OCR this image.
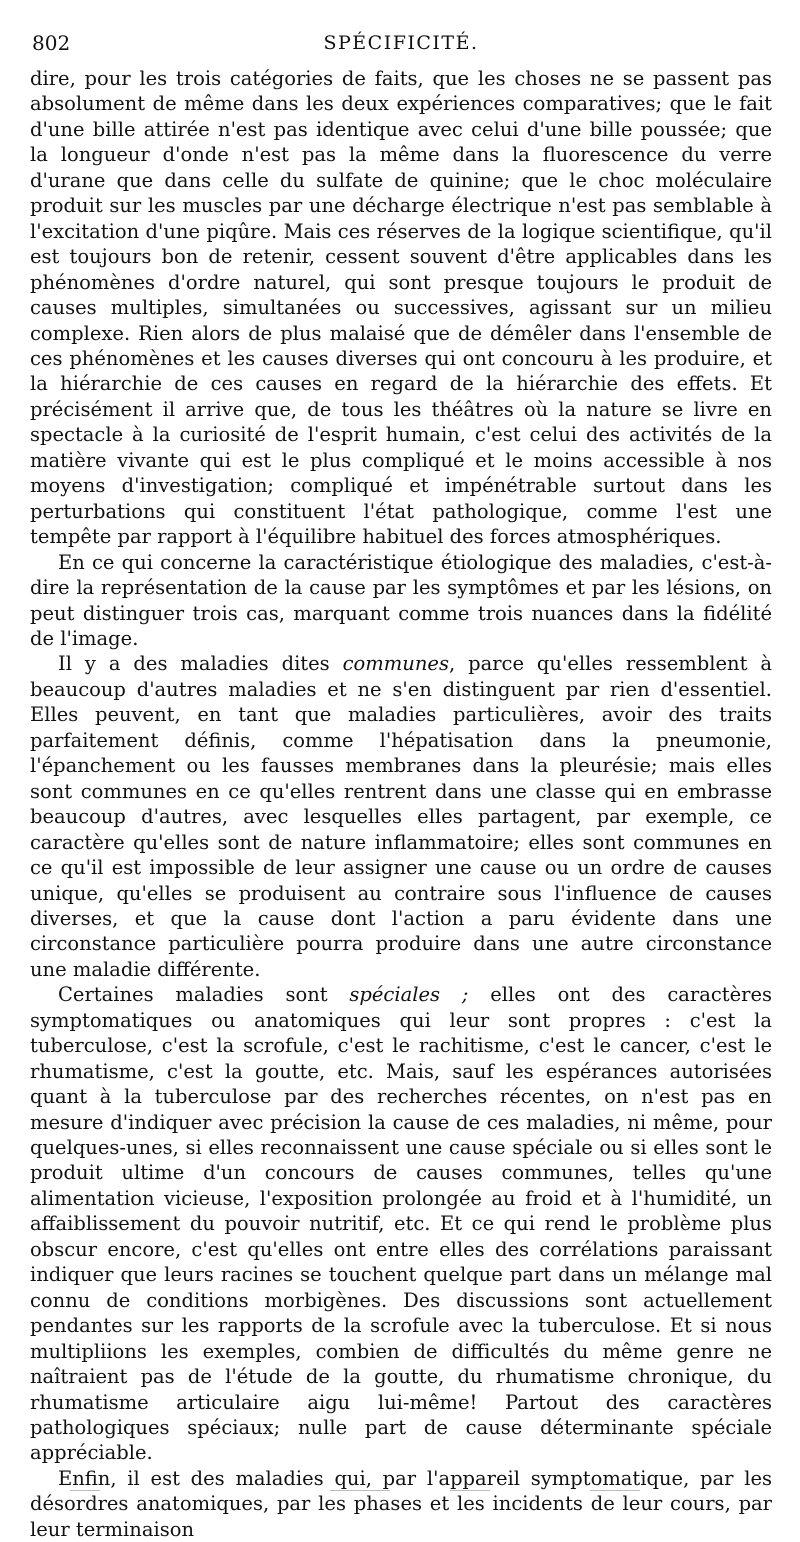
802	SPÉCIFICITÉ.

dire, pour les trois catégories de faits, que les choses ne se passent pas absolument de même dans les deux expériences comparatives; que le fait d'une bille attirée n'est pas identique avec celui d'une bille poussée; que la longueur d'onde n'est pas la même dans la fluorescence du verre d'urane que dans celle du sulfate de quinine; que le choc moléculaire produit sur les muscles par une décharge électrique n'est pas semblable à l'excitation d'une piqûre. Mais ces réserves de la logique scientifique, qu'il est toujours bon de retenir, cessent souvent d'être applicables dans les phénomènes d'ordre naturel, qui sont presque toujours le produit de causes multiples, simultanées ou successives, agissant sur un milieu complexe. Rien alors de plus malaisé que de démêler dans l'ensemble de ces phénomènes et les causes diverses qui ont concouru à les produire, et la hiérarchie de ces causes en regard de la hiérarchie des effets. Et précisément il arrive que, de tous les théâtres où la nature se livre en spectacle à la curiosité de l'esprit humain, c'est celui des activités de la matière vivante qui est le plus compliqué et le moins accessible à nos moyens d'investigation; compliqué et impénétrable surtout dans les perturbations qui constituent l'état pathologique, comme l'est une tempête par rapport à l'équilibre habituel des forces atmosphériques.

En ce qui concerne la caractéristique étiologique des maladies, c'est-à-dire la représentation de la cause par les symptômes et par les lésions, on peut distinguer trois cas, marquant comme trois nuances dans la fidélité de l'image.

Il y a des maladies dites communes, parce qu'elles ressemblent à beaucoup d'autres maladies et ne s'en distinguent par rien d'essentiel. Elles peuvent, en tant que maladies particulières, avoir des traits parfaitement définis, comme l'hépatisation dans la pneumonie, l'épanchement ou les fausses membranes dans la pleurésie; mais elles sont communes en ce qu'elles rentrent dans une classe qui en embrasse beaucoup d'autres, avec lesquelles elles partagent, par exemple, ce caractère qu'elles sont de nature inflammatoire; elles sont communes en ce qu'il est impossible de leur assigner une cause ou un ordre de causes unique, qu'elles se produisent au contraire sous l'influence de causes diverses, et que la cause dont l'action a paru évidente dans une circonstance particulière pourra produire dans une autre circonstance une maladie différente.

Certaines maladies sont spéciales ; elles ont des caractères symptomatiques ou anatomiques qui leur sont propres : c'est la tuberculose, c'est la scrofule, c'est le rachitisme, c'est le cancer, c'est le rhumatisme, c'est la goutte, etc. Mais, sauf les espérances autorisées quant à la tuberculose par des recherches récentes, on n'est pas en mesure d'indiquer avec précision la cause de ces maladies, ni même, pour quelques-unes, si elles reconnaissent une cause spéciale ou si elles sont le produit ultime d'un concours de causes communes, telles qu'une alimentation vicieuse, l'exposition prolongée au froid et à l'humidité, un affaiblissement du pouvoir nutritif, etc. Et ce qui rend le problème plus obscur encore, c'est qu'elles ont entre elles des corrélations paraissant indiquer que leurs racines se touchent quelque part dans un mélange mal connu de conditions morbigènes. Des discussions sont actuellement pendantes sur les rapports de la scrofule avec la tuberculose. Et si nous multipliions les exemples, combien de difficultés du même genre ne naîtraient pas de l'étude de la goutte, du rhumatisme chronique, du rhumatisme articulaire aigu lui-même! Partout des caractères pathologiques spéciaux; nulle part de cause déterminante spéciale appréciable.

Enfin, il est des maladies qui, par l'appareil symptomatique, par les désordres anatomiques, par les phases et les incidents de leur cours, par leur terminaison
